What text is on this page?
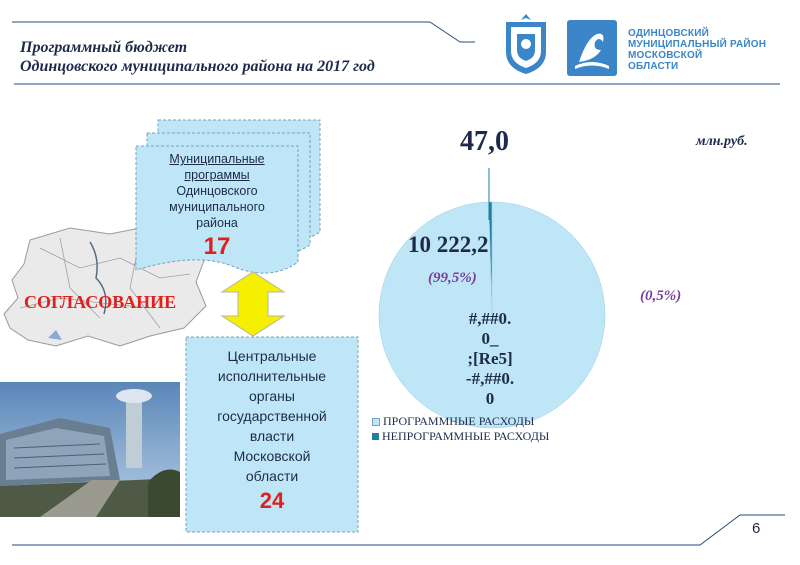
Программный бюджет
Одинцовского муниципального района на 2017 год
ОДИНЦОВСКИЙ
МУНИЦИПАЛЬНЫЙ РАЙОН
МОСКОВСКОЙ
ОБЛАСТИ
Муниципальные
программы
Одинцовского
муниципального
района
17
СОГЛАСОВАНИЕ
Центральные
исполнительные
органы
государственной
власти
Московской
области
24
47,0
10 222,2
(99,5%)
(0,5%)
млн.руб.
#,##0.
0_
;[Re5]
-#,##0.
0
ПРОГРАММНЫЕ РАСХОДЫ
НЕПРОГРАММНЫЕ РАСХОДЫ
6
